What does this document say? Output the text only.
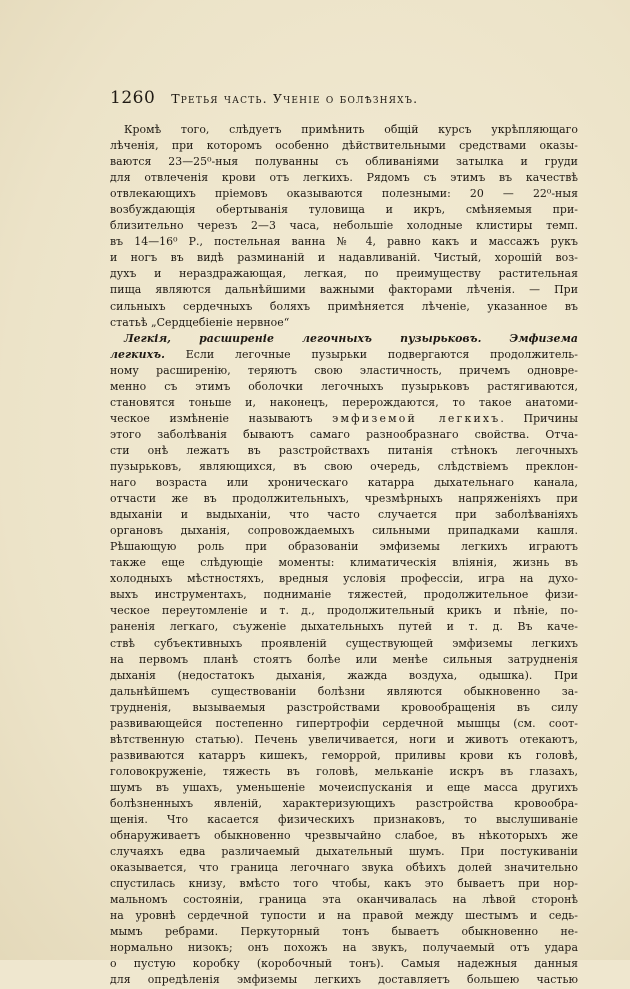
1260 Третья часть. Ученіе о болѣзняхъ.
Кромѣ того, слѣдуетъ примѣнить общій курсъ укрѣпляющаго
лѣченія, при которомъ особенно дѣйствительными средствами оказы-
ваются 23—25⁰-ныя полуванны съ обливаніями затылка и груди
для отвлеченія крови отъ легкихъ. Рядомъ съ этимъ въ качествѣ
отвлекающихъ пріемовъ оказываются полезными: 20 — 22⁰-ныя
возбуждающія обертыванія туловища и икръ, смѣняемыя при-
близительно черезъ 2—3 часа, небольшіе холодные клистиры темп.
въ 14—16⁰ Р., постельная ванна № 4, равно какъ и массажъ рукъ
и ногъ въ видѣ разминаній и надавливаній. Чистый, хорошій воз-
духъ и нераздражающая, легкая, по преимуществу растительная
пища являются дальнѣйшими важными факторами лѣченія. — При
сильныхъ сердечныхъ боляхъ примѣняется лѣченіе, указанное въ
статьѣ „Сердцебіеніе нервное“
Легкія, расширеніе легочныхъ пузырьковъ. Эмфизема
легкихъ. Если легочные пузырьки подвергаются продолжитель-
ному расширенію, теряютъ свою эластичность, причемъ одновре-
менно съ этимъ оболочки легочныхъ пузырьковъ растягиваются,
становятся тоньше и, наконецъ, перерождаются, то такое анатоми-
ческое измѣненіе называютъ эмфиземой легкихъ. Причины
этого заболѣванія бываютъ самаго разнообразнаго свойства. Отча-
сти онѣ лежатъ въ разстройствахъ питанія стѣнокъ легочныхъ
пузырьковъ, являющихся, въ свою очередь, слѣдствіемъ преклон-
наго возраста или хроническаго катарра дыхательнаго канала,
отчасти же въ продолжительныхъ, чрезмѣрныхъ напряженіяхъ при
вдыханіи и выдыханіи, что часто случается при заболѣваніяхъ
органовъ дыханія, сопровождаемыхъ сильными припадками кашля.
Рѣшающую роль при образованіи эмфиземы легкихъ играютъ
также еще слѣдующіе моменты: климатическія вліянія, жизнь въ
холодныхъ мѣстностяхъ, вредныя условія профессіи, игра на духо-
выхъ инструментахъ, подниманіе тяжестей, продолжительное физи-
ческое переутомленіе и т. д., продолжительный крикъ и пѣніе, по-
раненія легкаго, съуженіе дыхательныхъ путей и т. д. Въ каче-
ствѣ субъективныхъ проявленій существующей эмфиземы легкихъ
на первомъ планѣ стоятъ болѣе или менѣе сильныя затрудненія
дыханія (недостатокъ дыханія, жажда воздуха, одышка). При
дальнѣйшемъ существованіи болѣзни являются обыкновенно за-
трудненія, вызываемыя разстройствами кровообращенія въ силу
развивающейся постепенно гипертрофіи сердечной мышцы (см. соот-
вѣтственную статью). Печень увеличивается, ноги и животъ отекаютъ,
развиваются катарръ кишекъ, геморрой, приливы крови къ головѣ,
головокруженіе, тяжесть въ головѣ, мельканіе искръ въ глазахъ,
шумъ въ ушахъ, уменьшеніе мочеиспусканія и еще масса другихъ
болѣзненныхъ явленій, характеризующихъ разстройства кровообра-
щенія. Что касается физическихъ признаковъ, то выслушиваніе
обнаруживаетъ обыкновенно чрезвычайно слабое, въ нѣкоторыхъ же
случаяхъ едва различаемый дыхательный шумъ. При постукиваніи
оказывается, что граница легочнаго звука обѣихъ долей значительно
спустилась книзу, вмѣсто того чтобы, какъ это бываетъ при нор-
мальномъ состояніи, граница эта оканчивалась на лѣвой сторонѣ
на уровнѣ сердечной тупости и на правой между шестымъ и седь-
мымъ ребрами. Перкуторный тонъ бываетъ обыкновенно не-
нормально низокъ; онъ похожъ на звукъ, получаемый отъ удара
о пустую коробку (коробочный тонъ). Самыя надежныя данныя
для опредѣленія эмфиземы легкихъ доставляетъ большею частью
